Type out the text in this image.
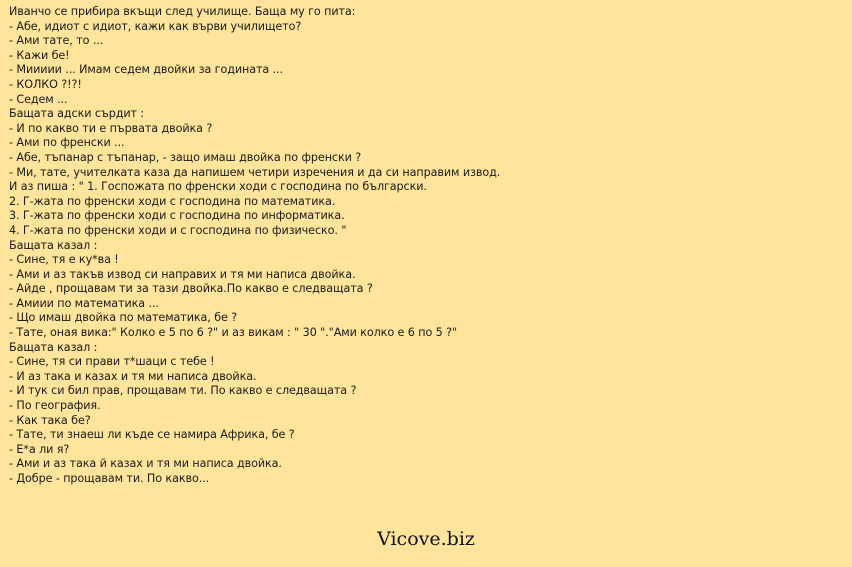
Иванчо се прибира вкъщи след училище. Баща му го пита:
- Абе, идиот с идиот, кажи как върви училището?
- Ами тате, то ...
- Кажи бе!
- Миииии ... Имам седем двойки за годината ...
- КОЛКО ?!?!
- Седем ...
Бащата адски сърдит :
- И по какво ти е първата двойка ?
- Ами по френски ...
- Абе, тъпанар с тъпанар, - защо имаш двойка по френски ?
- Ми, тате, учителката каза да напишем четири изречения и да си направим извод.
И аз пиша : " 1. Госпожата по френски ходи с господина по български.
2. Г-жата по френски ходи с господина по математика.
3. Г-жата по френски ходи с господина по информатика.
4. Г-жата по френски ходи и с господина по физическо. "
Бащата казал :
- Сине, тя е ку*ва !
- Ами и аз такъв извод си направих и тя ми написа двойка.
- Айде , прощавам ти за тази двойка.По какво е следващата ?
- Амиии по математика ...
- Що имаш двойка по математика, бе ?
- Тате, оная вика:" Колко е 5 по 6 ?" и аз викам : " 30 "."Ами колко е 6 по 5 ?"
Бащата казал :
- Сине, тя си прави т*шаци с тебе !
- И аз така и казах и тя ми написа двойка.
- И тук си бил прав, прощавам ти. По какво е следващата ?
- По география.
- Как така бе?
- Тате, ти знаеш ли къде се намира Африка, бе ?
- Е*а ли я?
- Ами и аз така й казах и тя ми написа двойка.
- Добре - прощавам ти. По какво...
Vicove.biz
